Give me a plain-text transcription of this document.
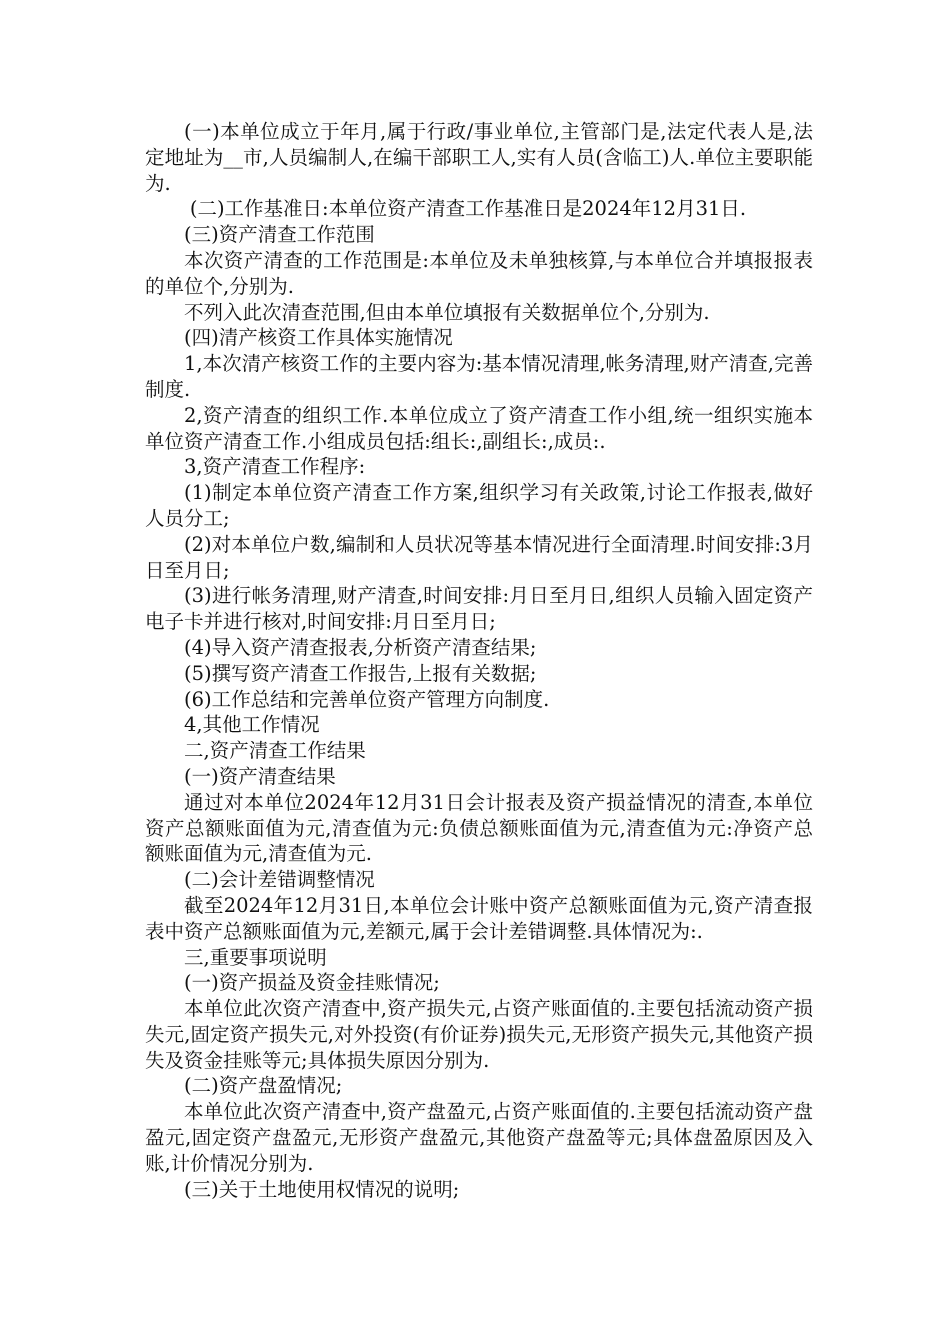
(一)本单位成立于年月,属于行政/事业单位,主管部门是,法定代表人是,法定地址为__市,人员编制人,在编干部职工人,实有人员(含临工)人.单位主要职能为.

(二)工作基准日:本单位资产清查工作基准日是2024年12月31日.

(三)资产清查工作范围

本次资产清查的工作范围是:本单位及未单独核算,与本单位合并填报报表的单位个,分别为.

不列入此次清查范围,但由本单位填报有关数据单位个,分别为.

(四)清产核资工作具体实施情况

1,本次清产核资工作的主要内容为:基本情况清理,帐务清理,财产清查,完善制度.

2,资产清查的组织工作.本单位成立了资产清查工作小组,统一组织实施本单位资产清查工作.小组成员包括:组长:,副组长:,成员:.

3,资产清查工作程序:

(1)制定本单位资产清查工作方案,组织学习有关政策,讨论工作报表,做好人员分工;

(2)对本单位户数,编制和人员状况等基本情况进行全面清理.时间安排:3月日至月日;

(3)进行帐务清理,财产清查,时间安排:月日至月日,组织人员输入固定资产电子卡并进行核对,时间安排:月日至月日;

(4)导入资产清查报表,分析资产清查结果;

(5)撰写资产清查工作报告,上报有关数据;

(6)工作总结和完善单位资产管理方向制度.

4,其他工作情况

二,资产清查工作结果

(一)资产清查结果

通过对本单位2024年12月31日会计报表及资产损益情况的清查,本单位资产总额账面值为元,清查值为元:负债总额账面值为元,清查值为元:净资产总额账面值为元,清查值为元.

(二)会计差错调整情况

截至2024年12月31日,本单位会计账中资产总额账面值为元,资产清查报表中资产总额账面值为元,差额元,属于会计差错调整.具体情况为:.

三,重要事项说明

(一)资产损益及资金挂账情况;

本单位此次资产清查中,资产损失元,占资产账面值的.主要包括流动资产损失元,固定资产损失元,对外投资(有价证券)损失元,无形资产损失元,其他资产损失及资金挂账等元;具体损失原因分别为.

(二)资产盘盈情况;

本单位此次资产清查中,资产盘盈元,占资产账面值的.主要包括流动资产盘盈元,固定资产盘盈元,无形资产盘盈元,其他资产盘盈等元;具体盘盈原因及入账,计价情况分别为.

(三)关于土地使用权情况的说明;
